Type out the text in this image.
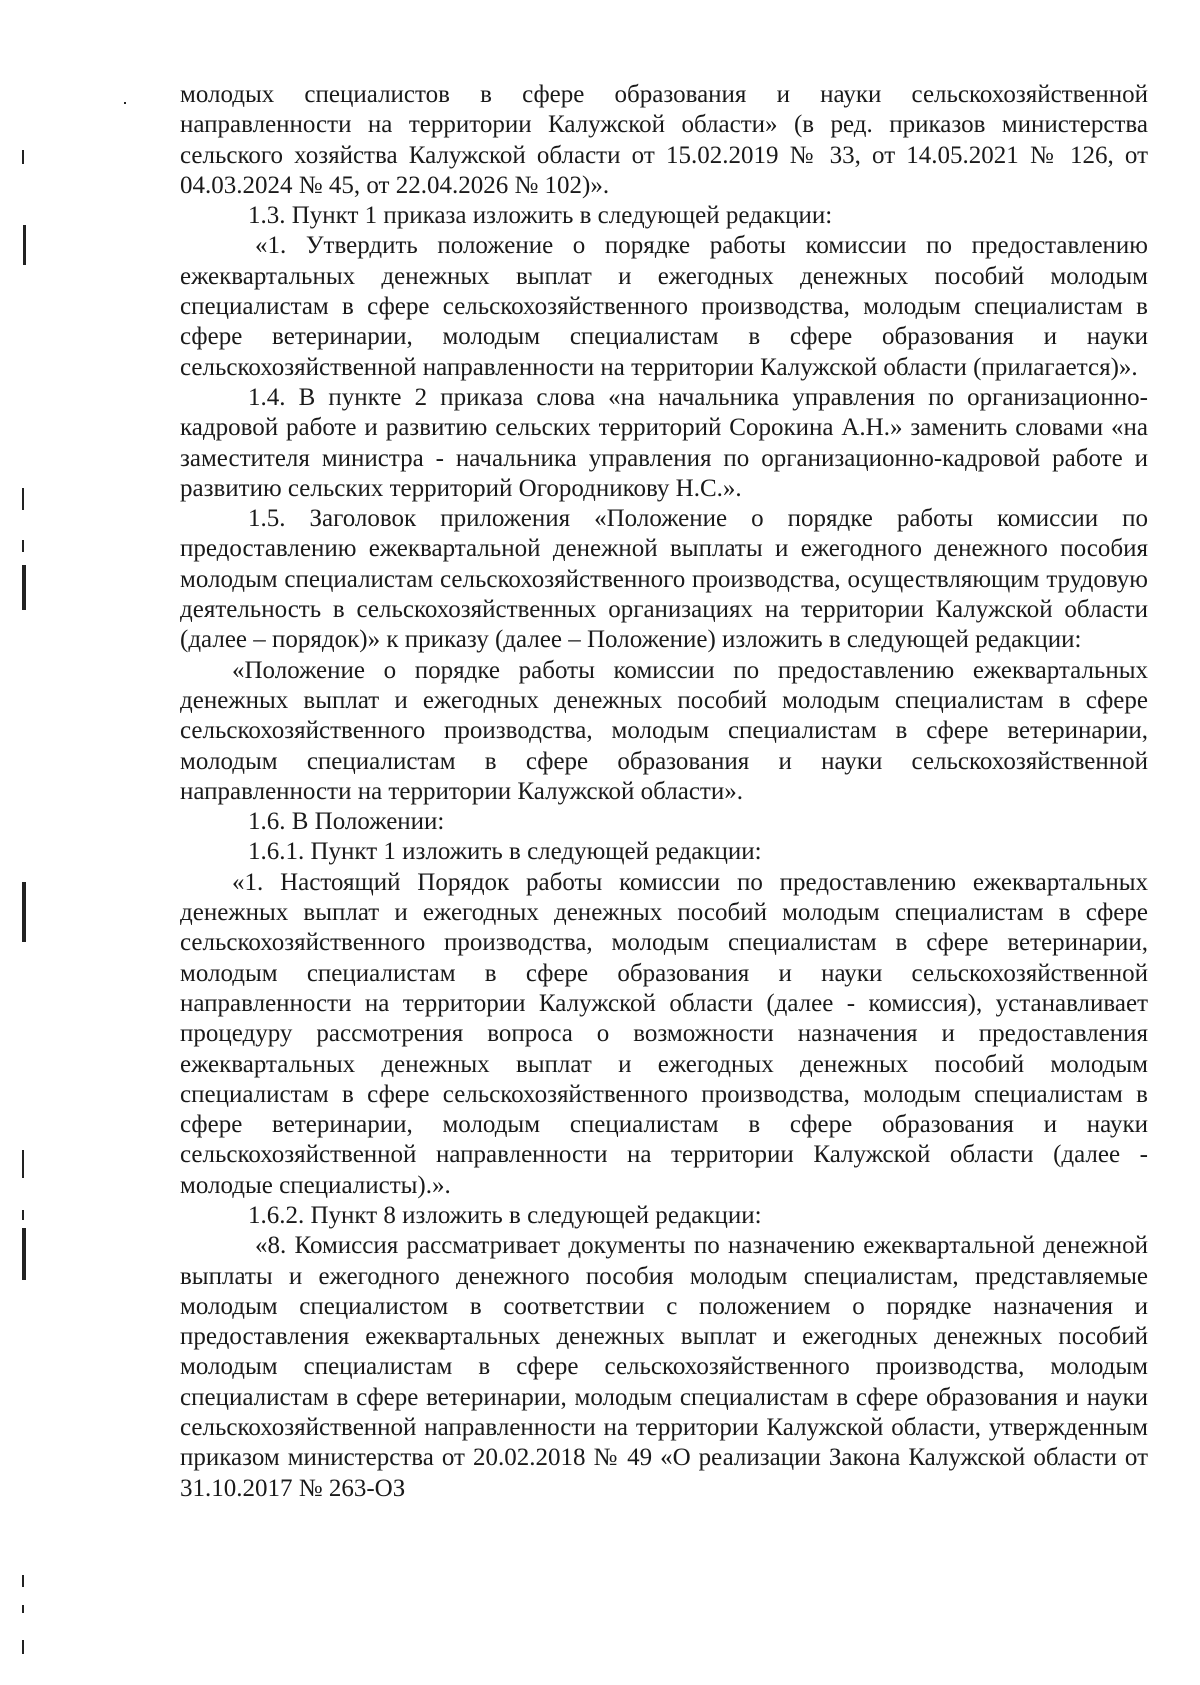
молодых специалистов в сфере образования и науки сельскохозяйственной направленности на территории Калужской области» (в ред. приказов министерства сельского хозяйства Калужской области от 15.02.2019 № 33, от 14.05.2021 № 126, от 04.03.2024 № 45, от 22.04.2026 № 102)».

1.3. Пункт 1 приказа изложить в следующей редакции:

«1. Утвердить положение о порядке работы комиссии по предоставлению ежеквартальных денежных выплат и ежегодных денежных пособий молодым специалистам в сфере сельскохозяйственного производства, молодым специалистам в сфере ветеринарии, молодым специалистам в сфере образования и науки сельскохозяйственной направленности на территории Калужской области (прилагается)».

1.4. В пункте 2 приказа слова «на начальника управления по организационно-кадровой работе и развитию сельских территорий Сорокина А.Н.» заменить словами «на заместителя министра - начальника управления по организационно-кадровой работе и развитию сельских территорий Огородникову Н.С.».

1.5. Заголовок приложения «Положение о порядке работы комиссии по предоставлению ежеквартальной денежной выплаты и ежегодного денежного пособия молодым специалистам сельскохозяйственного производства, осуществляющим трудовую деятельность в сельскохозяйственных организациях на территории Калужской области (далее – порядок)» к приказу (далее – Положение) изложить в следующей редакции:

«Положение о порядке работы комиссии по предоставлению ежеквартальных денежных выплат и ежегодных денежных пособий молодым специалистам в сфере сельскохозяйственного производства, молодым специалистам в сфере ветеринарии, молодым специалистам в сфере образования и науки сельскохозяйственной направленности на территории Калужской области».

1.6. В Положении:

1.6.1. Пункт 1 изложить в следующей редакции:

«1. Настоящий Порядок работы комиссии по предоставлению ежеквартальных денежных выплат и ежегодных денежных пособий молодым специалистам в сфере сельскохозяйственного производства, молодым специалистам в сфере ветеринарии, молодым специалистам в сфере образования и науки сельскохозяйственной направленности на территории Калужской области (далее - комиссия), устанавливает процедуру рассмотрения вопроса о возможности назначения и предоставления ежеквартальных денежных выплат и ежегодных денежных пособий молодым специалистам в сфере сельскохозяйственного производства, молодым специалистам в сфере ветеринарии, молодым специалистам в сфере образования и науки сельскохозяйственной направленности на территории Калужской области (далее - молодые специалисты).».

1.6.2. Пункт 8 изложить в следующей редакции:

«8. Комиссия рассматривает документы по назначению ежеквартальной денежной выплаты и ежегодного денежного пособия молодым специалистам, представляемые молодым специалистом в соответствии с положением о порядке назначения и предоставления ежеквартальных денежных выплат и ежегодных денежных пособий молодым специалистам в сфере сельскохозяйственного производства, молодым специалистам в сфере ветеринарии, молодым специалистам в сфере образования и науки сельскохозяйственной направленности на территории Калужской области, утвержденным приказом министерства от 20.02.2018 № 49 «О реализации Закона Калужской области от 31.10.2017 № 263-ОЗ
